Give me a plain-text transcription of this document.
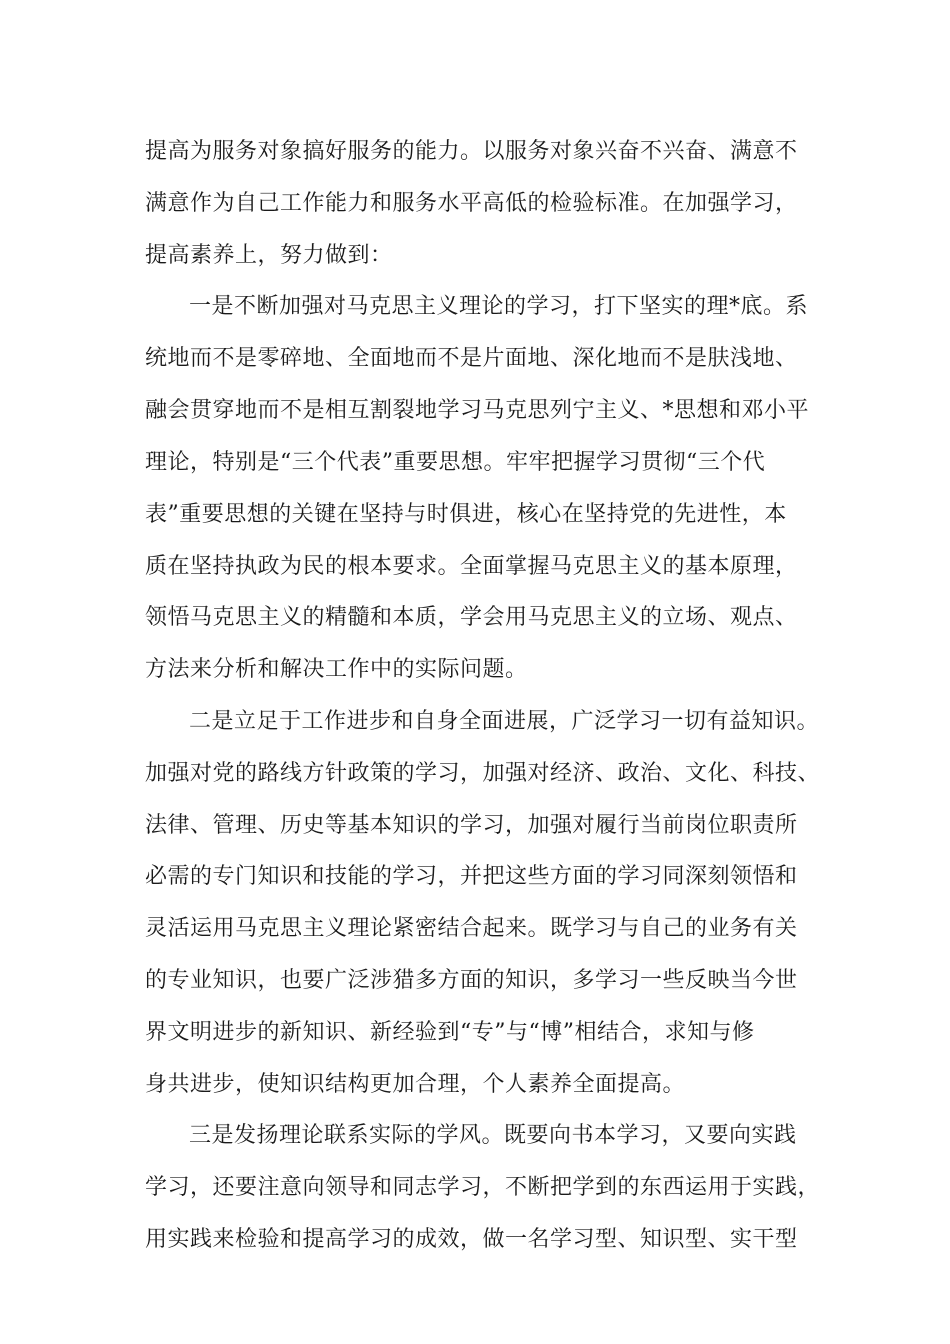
提高为服务对象搞好服务的能力。以服务对象兴奋不兴奋、满意不
满意作为自己工作能力和服务水平高低的检验标准。在加强学习，
提高素养上，努力做到：
一是不断加强对马克思主义理论的学习，打下坚实的理*底。系
统地而不是零碎地、全面地而不是片面地、深化地而不是肤浅地、
融会贯穿地而不是相互割裂地学习马克思列宁主义、*思想和邓小平
理论，特别是“三个代表”重要思想。牢牢把握学习贯彻“三个代
表”重要思想的关键在坚持与时俱进，核心在坚持党的先进性，本
质在坚持执政为民的根本要求。全面掌握马克思主义的基本原理，
领悟马克思主义的精髓和本质，学会用马克思主义的立场、观点、
方法来分析和解决工作中的实际问题。
二是立足于工作进步和自身全面进展，广泛学习一切有益知识。
加强对党的路线方针政策的学习，加强对经济、政治、文化、科技、
法律、管理、历史等基本知识的学习，加强对履行当前岗位职责所
必需的专门知识和技能的学习，并把这些方面的学习同深刻领悟和
灵活运用马克思主义理论紧密结合起来。既学习与自己的业务有关
的专业知识，也要广泛涉猎多方面的知识，多学习一些反映当今世
界文明进步的新知识、新经验到“专”与“博”相结合，求知与修
身共进步，使知识结构更加合理，个人素养全面提高。
三是发扬理论联系实际的学风。既要向书本学习，又要向实践
学习，还要注意向领导和同志学习，不断把学到的东西运用于实践，
用实践来检验和提高学习的成效，做一名学习型、知识型、实干型
